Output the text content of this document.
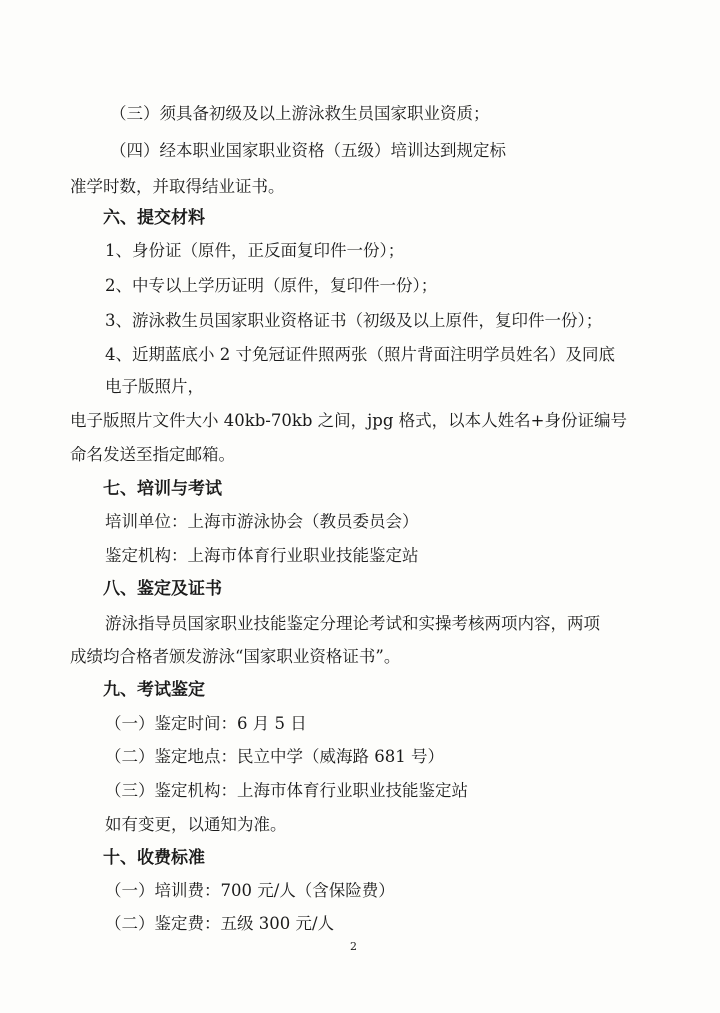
（三）须具备初级及以上游泳救生员国家职业资质；
（四）经本职业国家职业资格（五级）培训达到规定标
准学时数，并取得结业证书。
六、提交材料
1、身份证（原件，正反面复印件一份）；
2、中专以上学历证明（原件，复印件一份）；
3、游泳救生员国家职业资格证书（初级及以上原件，复印件一份）；
4、近期蓝底小 2 寸免冠证件照两张（照片背面注明学员姓名）及同底
电子版照片，
电子版照片文件大小 40kb-70kb 之间，jpg 格式，以本人姓名+身份证编号
命名发送至指定邮箱。
七、培训与考试
培训单位：上海市游泳协会（教员委员会）
鉴定机构：上海市体育行业职业技能鉴定站
八、鉴定及证书
游泳指导员国家职业技能鉴定分理论考试和实操考核两项内容，两项
成绩均合格者颁发游泳“国家职业资格证书”。
九、考试鉴定
（一）鉴定时间：6 月 5 日
（二）鉴定地点：民立中学（威海路 681 号）
（三）鉴定机构：上海市体育行业职业技能鉴定站
如有变更，以通知为准。
十、收费标准
（一）培训费：700 元/人（含保险费）
（二）鉴定费：五级 300 元/人
2
